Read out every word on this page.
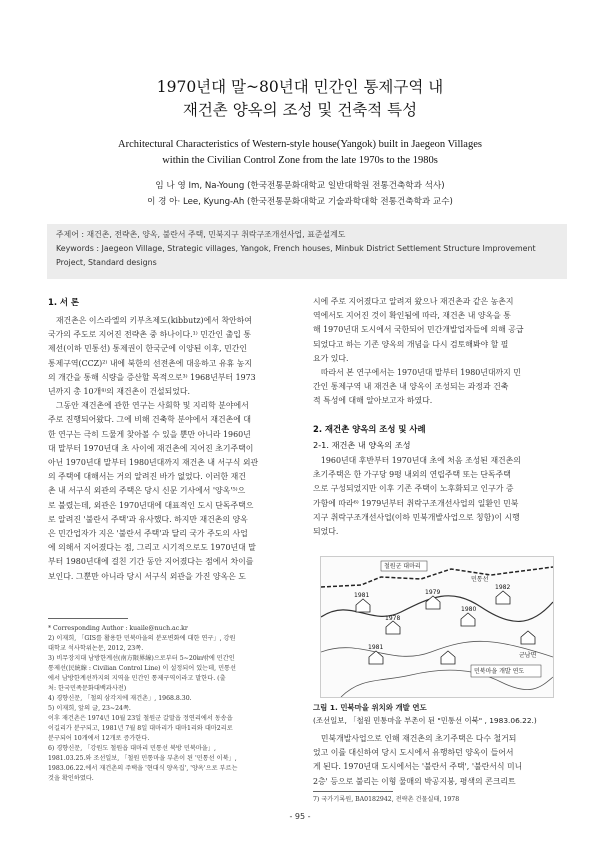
1970년대 말~80년대 민간인 통제구역 내
재건촌 양옥의 조성 및 건축적 특성
Architectural Characteristics of Western-style house(Yangok) built in Jaegeon Villages
within the Civilian Control Zone from the late 1970s to the 1980s
임 나 영 Im, Na-Young (한국전통문화대학교 일반대학원 전통건축학과 석사)
이 경 아· Lee, Kyung-Ah (한국전통문화대학교 기술과학대학 전통건축학과 교수)
주제어 : 재건촌, 전략촌, 양옥, 불란서 주택, 민북지구 취락구조개선사업, 표준설계도
Keywords : Jaegeon Village, Strategic villages, Yangok, French houses, Minbuk District Settlement Structure Improvement
Project, Standard designs
1. 서 론

재건촌은 이스라엘의 키부츠제도(kibbutz)에서 착안하여

국가의 주도로 지어진 전략촌 중 하나이다.¹⁾ 민간인 출입 통

제선(이하 민통선) 통제권이 한국군에 이양된 이후, 민간인

통제구역(CCZ)²⁾ 내에 북한의 선전촌에 대응하고 유휴 농지

의 개간을 통해 식량을 증산할 목적으로³⁾ 1968년부터 1973

년까지 총 10개⁴⁾의 재건촌이 건설되었다.

그동안 재건촌에 관한 연구는 사회학 및 지리학 분야에서

주로 진행되어왔다. 그에 비해 건축학 분야에서 재건촌에 대

한 연구는 극히 드물게 찾아볼 수 있을 뿐만 아니라 1960년

대 말부터 1970년대 초 사이에 재건촌에 지어진 초기주택이

아닌 1970년대 말부터 1980년대까지 재건촌 내 서구식 외관

의 주택에 대해서는 거의 알려진 바가 없었다. 이러한 재건

촌 내 서구식 외관의 주택은 당시 신문 기사에서 '양옥'⁵⁾으

로 불렸는데, 외관은 1970년대에 대표적인 도시 단독주택으

로 알려진 '불란서 주택'과 유사했다. 하지만 재건촌의 양옥

은 민간업자가 지은 '불란서 주택'과 달리 국가 주도의 사업

에 의해서 지어졌다는 점, 그리고 시기적으로도 1970년대 말

부터 1980년대에 걸친 기간 동안 지어졌다는 점에서 차이를

보인다. 그뿐만 아니라 당시 서구식 외관을 가진 양옥은 도

* Corresponding Author : kuaile@nuch.ac.kr

2) 이재희, 「GIS를 활용한 민북마을의 분포변화에 대한 연구」, 강원

대학교 석사학위논문, 2012, 23쪽.

3) 비무장지대 남방한계선(南方限界線)으로부터 5~20㎞밖에 민간인

통제선(民統線 : Civilian Control Line) 이 설정되어 있는데, 민통선

에서 남방한계선까지의 지역을 민간인 통제구역이라고 말한다. (출

처: 한국민족문화대백과사전)

4) 경향신문, 「철의 삼각지에 재건촌」, 1968.8.30.

5) 이재희, 앞의 글, 23~24쪽.

이후 재건촌은 1974년 10월 23일 철원군 갈말읍 정연리에서 동송읍

이길리가 분구되고, 1981년 7월 8일 대마리가 대마1리와 대마2리로

분구되어 10개에서 12개로 증가한다.

6) 경향신문, 「강원도 철원읍 대마리 민통선 북방 민북마을」,

1981.03.25.와 조선일보, 「철원 민통마을 부촌이 된 '민통선 이북」,

1983.06.22.에서 재건촌의 주택을 '현대식 양옥집', '양옥'으로 부르는

것을 확인하였다.

시에 주로 지어졌다고 알려져 왔으나 재건촌과 같은 농촌지

역에서도 지어진 것이 확인됨에 따라, 재건촌 내 양옥을 통

해 1970년대 도시에서 국한되어 민간개발업자들에 의해 공급

되었다고 하는 기존 양옥의 개념을 다시 검토해봐야 할 필

요가 있다.

따라서 본 연구에서는 1970년대 말부터 1980년대까지 민

간인 통제구역 내 재건촌 내 양옥이 조성되는 과정과 건축

적 특성에 대해 알아보고자 하였다.

2. 재건촌 양옥의 조성 및 사례
2-1. 재건촌 내 양옥의 조성

1960년대 후반부터 1970년대 초에 처음 조성된 재건촌의

초기주택은 한 가구당 9평 내외의 연립주택 또는 단독주택

으로 구성되었지만 이후 기존 주택이 노후화되고 인구가 증

가함에 따라⁶⁾ 1979년부터 취락구조개선사업의 일환인 민북

지구 취락구조개선사업(이하 민북개발사업으로 칭함)이 시행

되었다.

철원군 대마리
1981
1978
1979
민통선
1980
1982
군남면
민북마을 개발 연도
1981
그림 1. 민북마을 위치와 개발 연도
(조선일보, 「철원 민통마을 부촌이 된 "민통선 이북" , 1983.06.22.)

민북개발사업으로 인해 재건촌의 초기주택은 다수 철거되

었고 이를 대신하여 당시 도시에서 유행하던 양옥이 들어서

게 된다. 1970년대 도시에서는 '불란서 주택', '불란서식 미니

2층' 등으로 불리는 이형 물매의 박공지붕, 평색의 콘크리트

7) 국가기록원, BA0182942, 전략촌 건물실태, 1978
- 95 -
